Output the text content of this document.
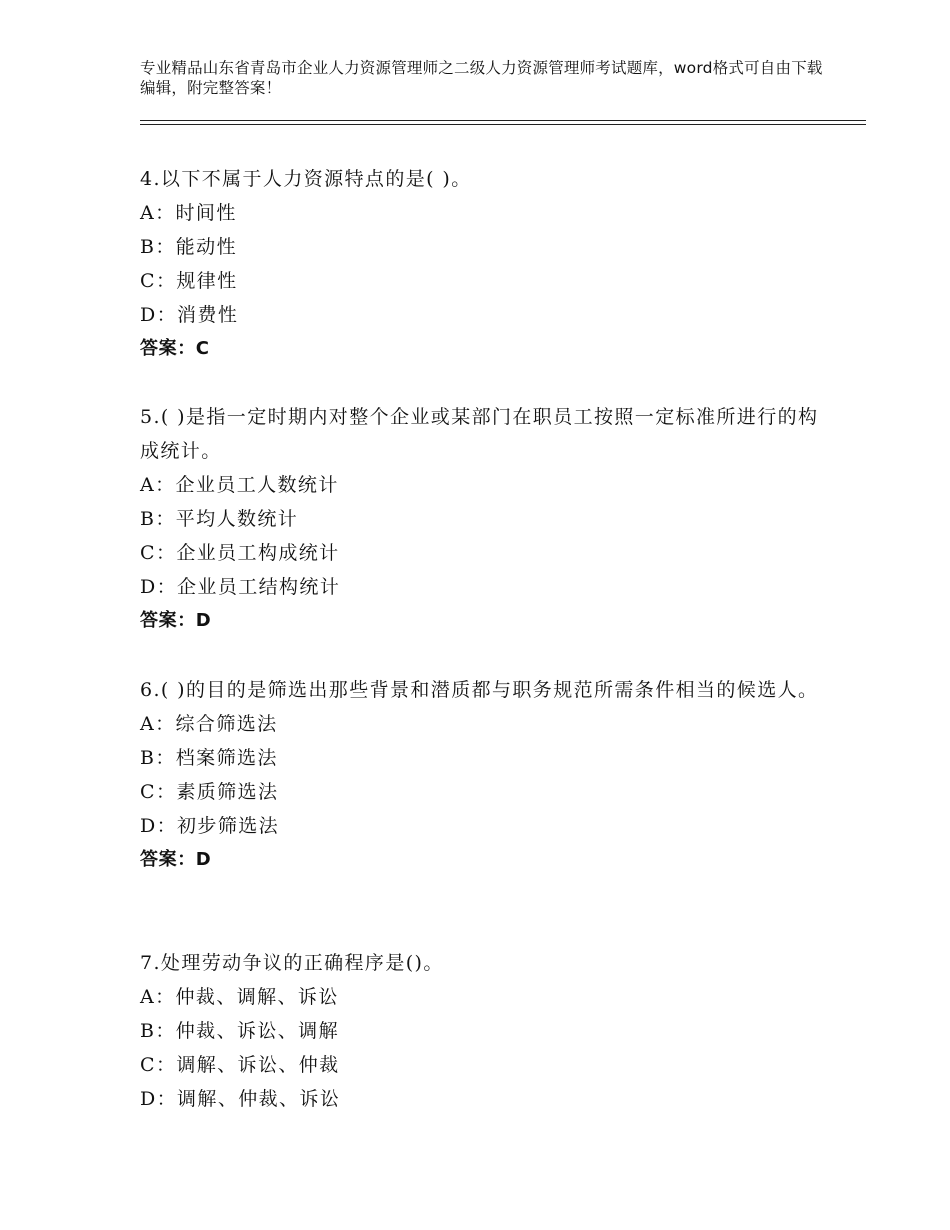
专业精品山东省青岛市企业人力资源管理师之二级人力资源管理师考试题库，word格式可自由下载编辑，附完整答案！

4.以下不属于人力资源特点的是( )。

A：时间性

B：能动性

C：规律性

D：消费性

答案：C

5.( )是指一定时期内对整个企业或某部门在职员工按照一定标准所进行的构成统计。

A：企业员工人数统计

B：平均人数统计

C：企业员工构成统计

D：企业员工结构统计

答案：D

6.( )的目的是筛选出那些背景和潜质都与职务规范所需条件相当的候选人。

A：综合筛选法

B：档案筛选法

C：素质筛选法

D：初步筛选法

答案：D

7.处理劳动争议的正确程序是()。

A：仲裁、调解、诉讼

B：仲裁、诉讼、调解

C：调解、诉讼、仲裁

D：调解、仲裁、诉讼
